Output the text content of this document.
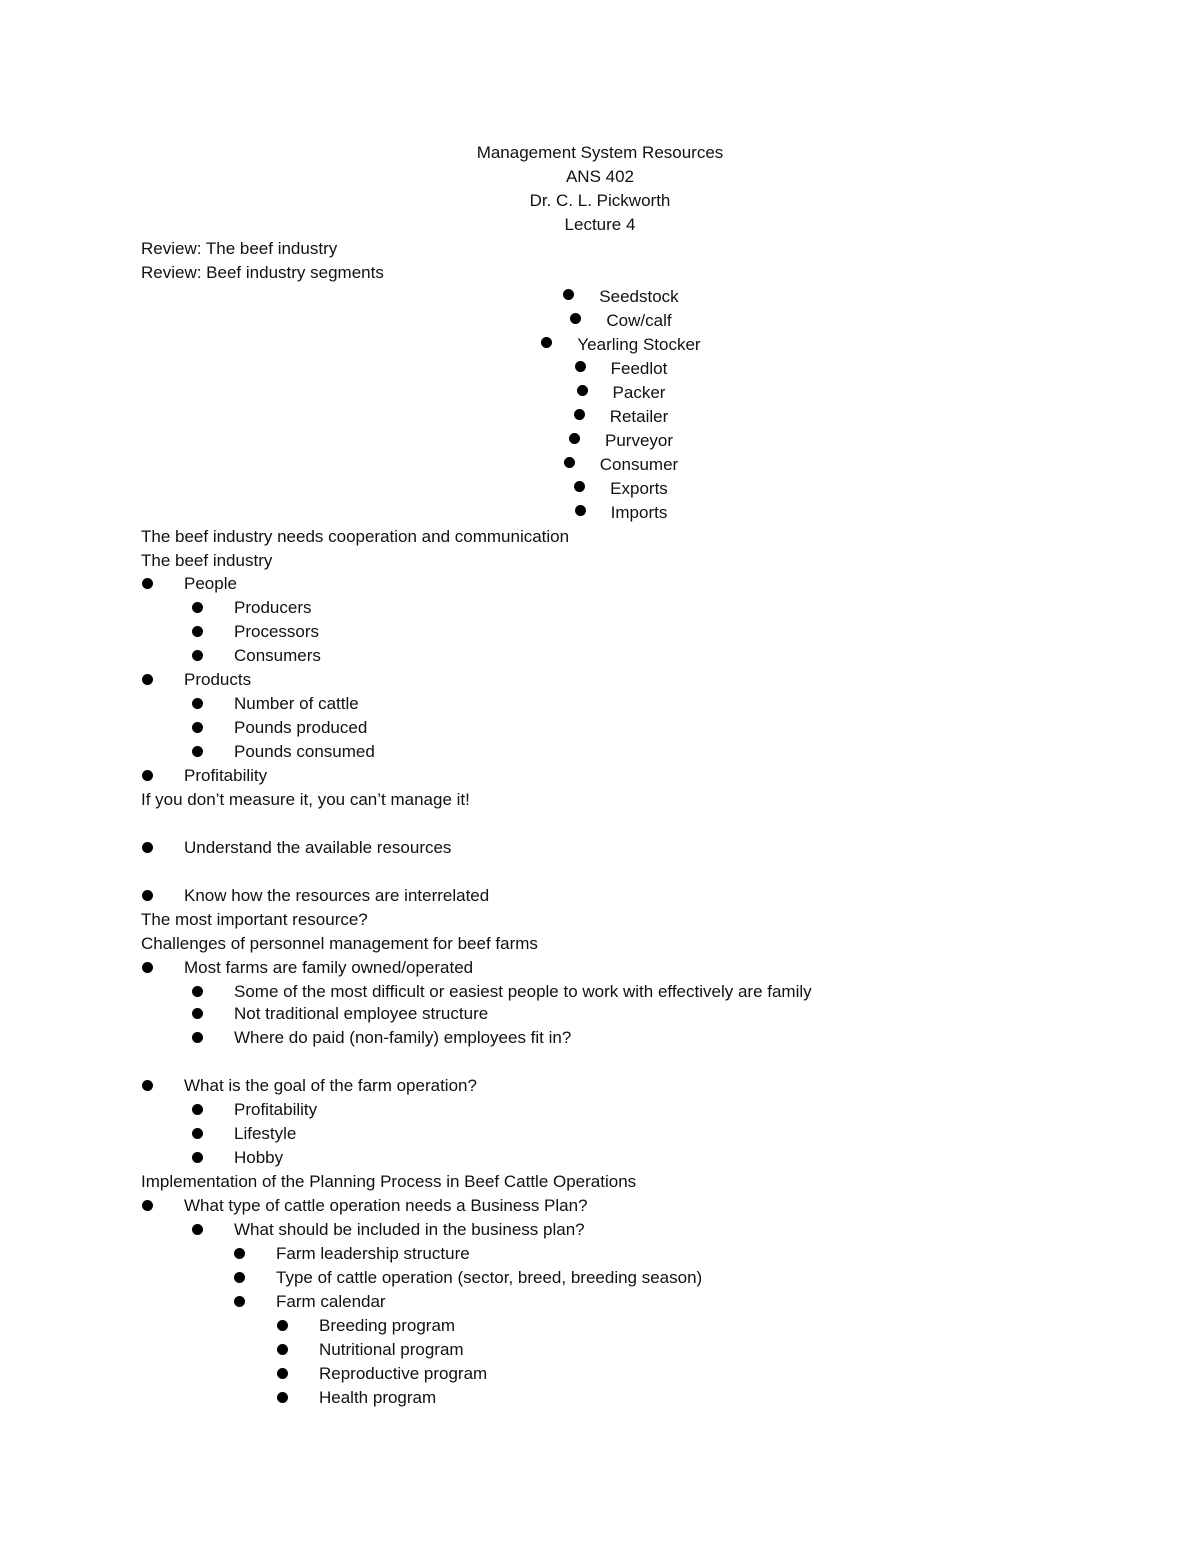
Management System Resources
ANS 402
Dr. C. L. Pickworth
Lecture 4
Review: The beef industry
Review: Beef industry segments
Seedstock
Cow/calf
Yearling Stocker
Feedlot
Packer
Retailer
Purveyor
Consumer
Exports
Imports
The beef industry needs cooperation and communication
The beef industry
People
Producers
Processors
Consumers
Products
Number of cattle
Pounds produced
Pounds consumed
Profitability
If you don’t measure it, you can’t manage it!
Understand the available resources
Know how the resources are interrelated
The most important resource?
Challenges of personnel management for beef farms
Most farms are family owned/operated
Some of the most difficult or easiest people to work with effectively are family
Not traditional employee structure
Where do paid (non-family) employees fit in?
What is the goal of the farm operation?
Profitability
Lifestyle
Hobby
Implementation of the Planning Process in Beef Cattle Operations
What type of cattle operation needs a Business Plan?
What should be included in the business plan?
Farm leadership structure
Type of cattle operation (sector, breed, breeding season)
Farm calendar
Breeding program
Nutritional program
Reproductive program
Health program
